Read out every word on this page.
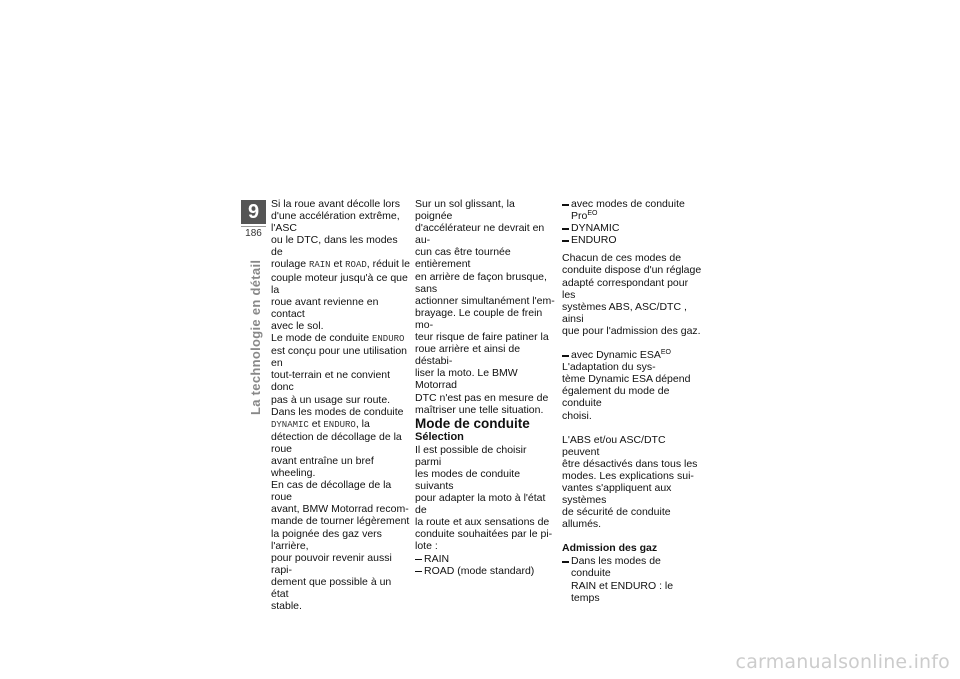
9
186
La technologie en détail

Si la roue avant décolle lors

d'une accélération extrême, l'ASC

ou le DTC, dans les modes de

roulage RAIN et ROAD, réduit le

couple moteur jusqu'à ce que la

roue avant revienne en contact

avec le sol.

Le mode de conduite ENDURO

est conçu pour une utilisation en

tout-terrain et ne convient donc

pas à un usage sur route.

Dans les modes de conduite

DYNAMIC et ENDURO, la

détection de décollage de la roue

avant entraîne un bref wheeling.

En cas de décollage de la roue

avant, BMW Motorrad recom-

mande de tourner légèrement

la poignée des gaz vers l'arrière,

pour pouvoir revenir aussi rapi-

dement que possible à un état

stable.

Sur un sol glissant, la poignée

d'accélérateur ne devrait en au-

cun cas être tournée entièrement

en arrière de façon brusque, sans

actionner simultanément l'em-

brayage. Le couple de frein mo-

teur risque de faire patiner la

roue arrière et ainsi de déstabi-

liser la moto. Le BMW Motorrad

DTC n'est pas en mesure de

maîtriser une telle situation.

Mode de conduite

Sélection

Il est possible de choisir parmi

les modes de conduite suivants

pour adapter la moto à l'état de

la route et aux sensations de

conduite souhaitées par le pi-

lote :

RAIN

ROAD (mode standard)

avec modes de conduite Pro$^{EO}$

DYNAMIC

ENDURO

Chacun de ces modes de

conduite dispose d'un réglage

adapté correspondant pour les

systèmes ABS, ASC/DTC , ainsi

que pour l'admission des gaz.

avec Dynamic $ESA^{EO}$

L'adaptation du sys-

tème Dynamic ESA dépend

également du mode de conduite

choisi.

L'ABS et/ou ASC/DTC peuvent

être désactivés dans tous les

modes. Les explications sui-

vantes s'appliquent aux systèmes

de sécurité de conduite allumés.

Admission des gaz

Dans les modes de conduite

RAIN et ENDURO : le temps

carmanualsonline.info
